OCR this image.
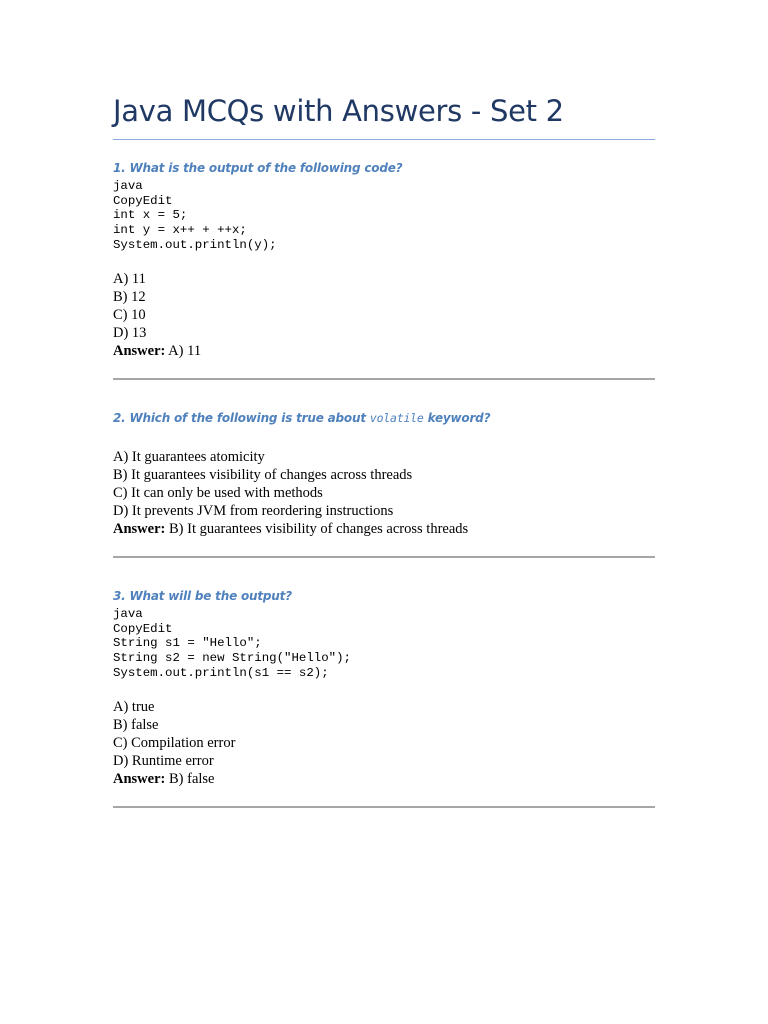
Java MCQs with Answers - Set 2
1. What is the output of the following code?
java
CopyEdit
int x = 5;
int y = x++ + ++x;
System.out.println(y);
A) 11
B) 12
C) 10
D) 13
Answer: A) 11
2. Which of the following is true about volatile keyword?
A) It guarantees atomicity
B) It guarantees visibility of changes across threads
C) It can only be used with methods
D) It prevents JVM from reordering instructions
Answer: B) It guarantees visibility of changes across threads
3. What will be the output?
java
CopyEdit
String s1 = "Hello";
String s2 = new String("Hello");
System.out.println(s1 == s2);
A) true
B) false
C) Compilation error
D) Runtime error
Answer: B) false
